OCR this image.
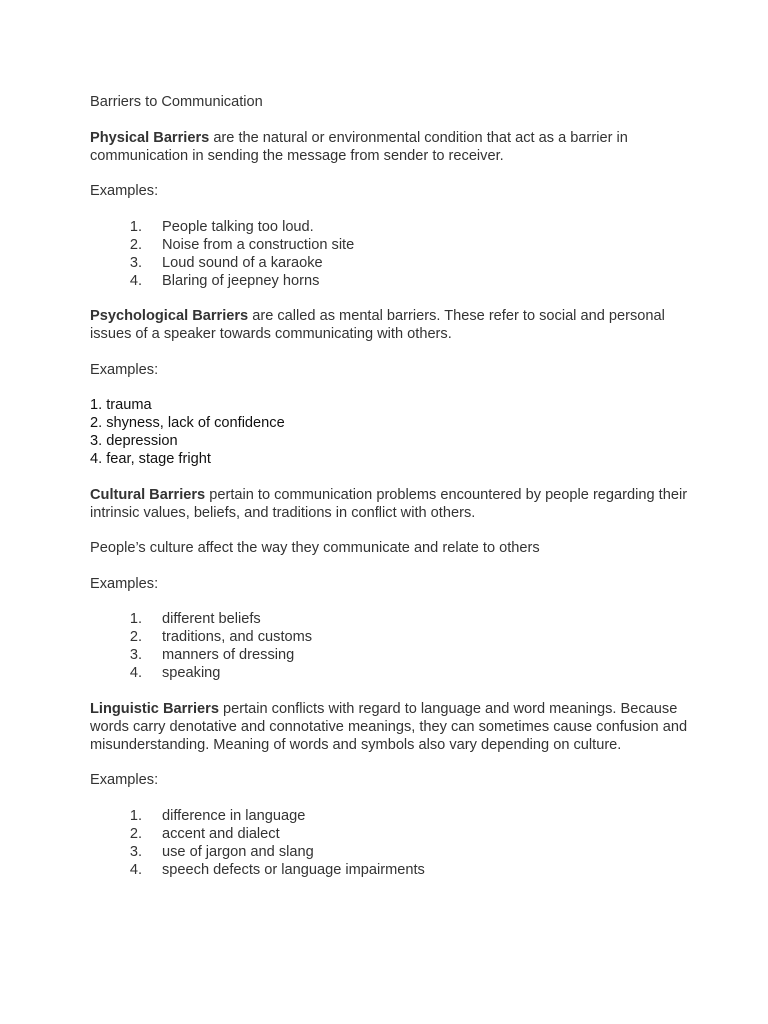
Barriers to Communication

Physical Barriers are the natural or environmental condition that act as a barrier in communication in sending the message from sender to receiver.

Examples:

1 . People talking too loud.
2 . Noise from a construction site
3 . Loud sound of a karaoke
4 . Blaring of jeepney horns

Psychological Barriers are called as mental barriers. These refer to social and personal issues of a speaker towards communicating with others.

Examples:

1. trauma
2. shyness, lack of confidence
3. depression
4. fear, stage fright

Cultural Barriers pertain to communication problems encountered by people regarding their intrinsic values, beliefs, and traditions in conflict with others.

People’s culture affect the way they communicate and relate to others

Examples:

1 . different beliefs
2 . traditions, and customs
3 . manners of dressing
4 . speaking

Linguistic Barriers pertain conflicts with regard to language and word meanings. Because words carry denotative and connotative meanings, they can sometimes cause confusion and misunderstanding. Meaning of words and symbols also vary depending on culture.

Examples:

1 . difference in language
2 . accent and dialect
3 . use of jargon and slang
4 . speech defects or language impairments
